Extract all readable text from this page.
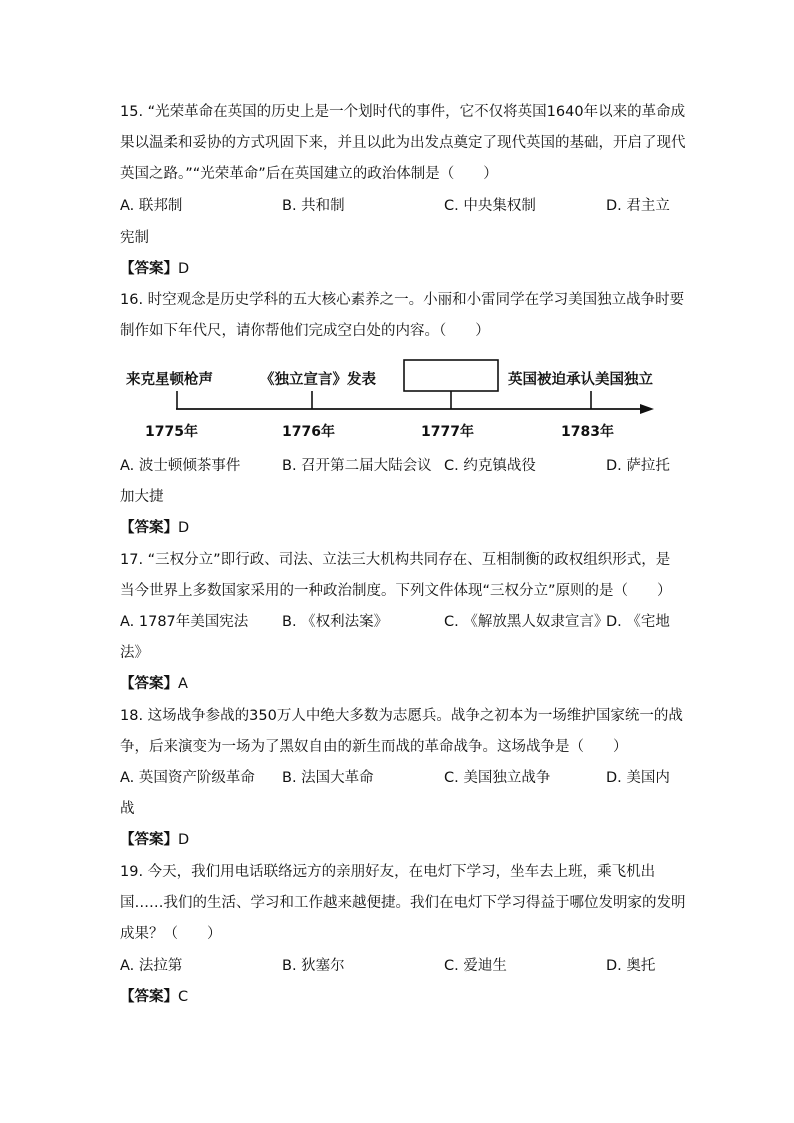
15. “光荣革命在英国的历史上是一个划时代的事件，它不仅将英国1640年以来的革命成
果以温柔和妥协的方式巩固下来，并且以此为出发点奠定了现代英国的基础，开启了现代
英国之路。”“光荣革命”后在英国建立的政治体制是（　　）
A. 联邦制	B. 共和制	C. 中央集权制	D. 君主立
宪制
【答案】D
16. 时空观念是历史学科的五大核心素养之一。小丽和小雷同学在学习美国独立战争时要
制作如下年代尺，请你帮他们完成空白处的内容。（　　）
来克星顿枪声	《独立宣言》发表	英国被迫承认美国独立
1775年	1776年	1777年	1783年
A. 波士顿倾茶事件	B. 召开第二届大陆会议 C. 约克镇战役	D. 萨拉托
加大捷
【答案】D
17. “三权分立”即行政、司法、立法三大机构共同存在、互相制衡的政权组织形式，是
当今世界上多数国家采用的一种政治制度。下列文件体现“三权分立”原则的是（　　）
A. 1787年美国宪法 B. 《权利法案》	C. 《解放黑人奴隶宣言》
D. 《宅地
法》
【答案】A
18. 这场战争参战的350万人中绝大多数为志愿兵。战争之初本为一场维护国家统一的战
争，后来演变为一场为了黑奴自由的新生而战的革命战争。这场战争是（　　）
A. 英国资产阶级革命 B. 法国大革命	C. 美国独立战争	D. 美国内
战
【答案】D
19. 今天，我们用电话联络远方的亲朋好友，在电灯下学习，坐车去上班，乘飞机出
国……我们的生活、学习和工作越来越便捷。我们在电灯下学习得益于哪位发明家的发明
成果？（　　）
A. 法拉第	B. 狄塞尔	C. 爱迪生	D. 奥托
【答案】C
